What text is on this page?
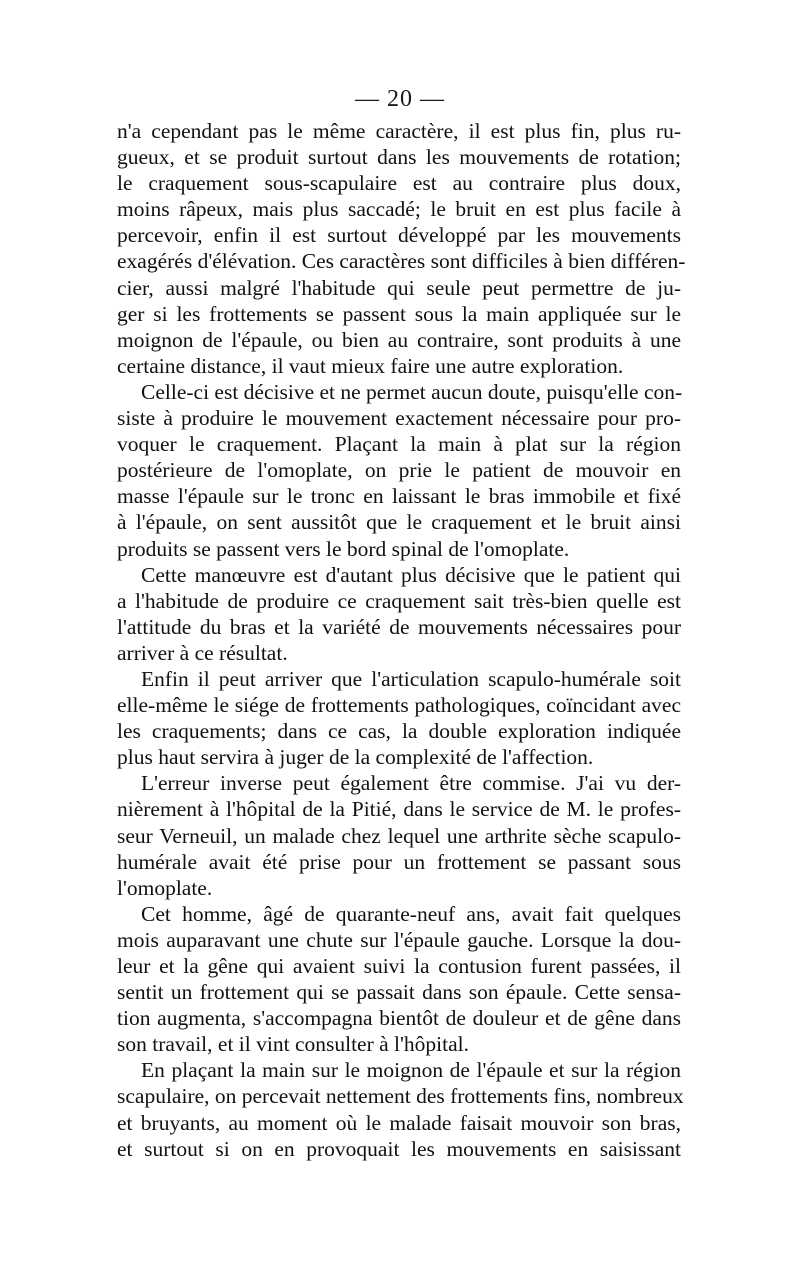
— 20 —
n'a cependant pas le même caractère, il est plus fin, plus ru-
gueux, et se produit surtout dans les mouvements de rotation;
le craquement sous-scapulaire est au contraire plus doux,
moins râpeux, mais plus saccadé; le bruit en est plus facile à
percevoir, enfin il est surtout développé par les mouvements
exagérés d'élévation. Ces caractères sont difficiles à bien différen-
cier, aussi malgré l'habitude qui seule peut permettre de ju-
ger si les frottements se passent sous la main appliquée sur le
moignon de l'épaule, ou bien au contraire, sont produits à une
certaine distance, il vaut mieux faire une autre exploration.
Celle-ci est décisive et ne permet aucun doute, puisqu'elle con-
siste à produire le mouvement exactement nécessaire pour pro-
voquer le craquement. Plaçant la main à plat sur la région
postérieure de l'omoplate, on prie le patient de mouvoir en
masse l'épaule sur le tronc en laissant le bras immobile et fixé
à l'épaule, on sent aussitôt que le craquement et le bruit ainsi
produits se passent vers le bord spinal de l'omoplate.
Cette manœuvre est d'autant plus décisive que le patient qui
a l'habitude de produire ce craquement sait très-bien quelle est
l'attitude du bras et la variété de mouvements nécessaires pour
arriver à ce résultat.
Enfin il peut arriver que l'articulation scapulo-humérale soit
elle-même le siége de frottements pathologiques, coïncidant avec
les craquements; dans ce cas, la double exploration indiquée
plus haut servira à juger de la complexité de l'affection.
L'erreur inverse peut également être commise. J'ai vu der-
nièrement à l'hôpital de la Pitié, dans le service de M. le profes-
seur Verneuil, un malade chez lequel une arthrite sèche scapulo-
humérale avait été prise pour un frottement se passant sous
l'omoplate.
Cet homme, âgé de quarante-neuf ans, avait fait quelques
mois auparavant une chute sur l'épaule gauche. Lorsque la dou-
leur et la gêne qui avaient suivi la contusion furent passées, il
sentit un frottement qui se passait dans son épaule. Cette sensa-
tion augmenta, s'accompagna bientôt de douleur et de gêne dans
son travail, et il vint consulter à l'hôpital.
En plaçant la main sur le moignon de l'épaule et sur la région
scapulaire, on percevait nettement des frottements fins, nombreux
et bruyants, au moment où le malade faisait mouvoir son bras,
et surtout si on en provoquait les mouvements en saisissant
